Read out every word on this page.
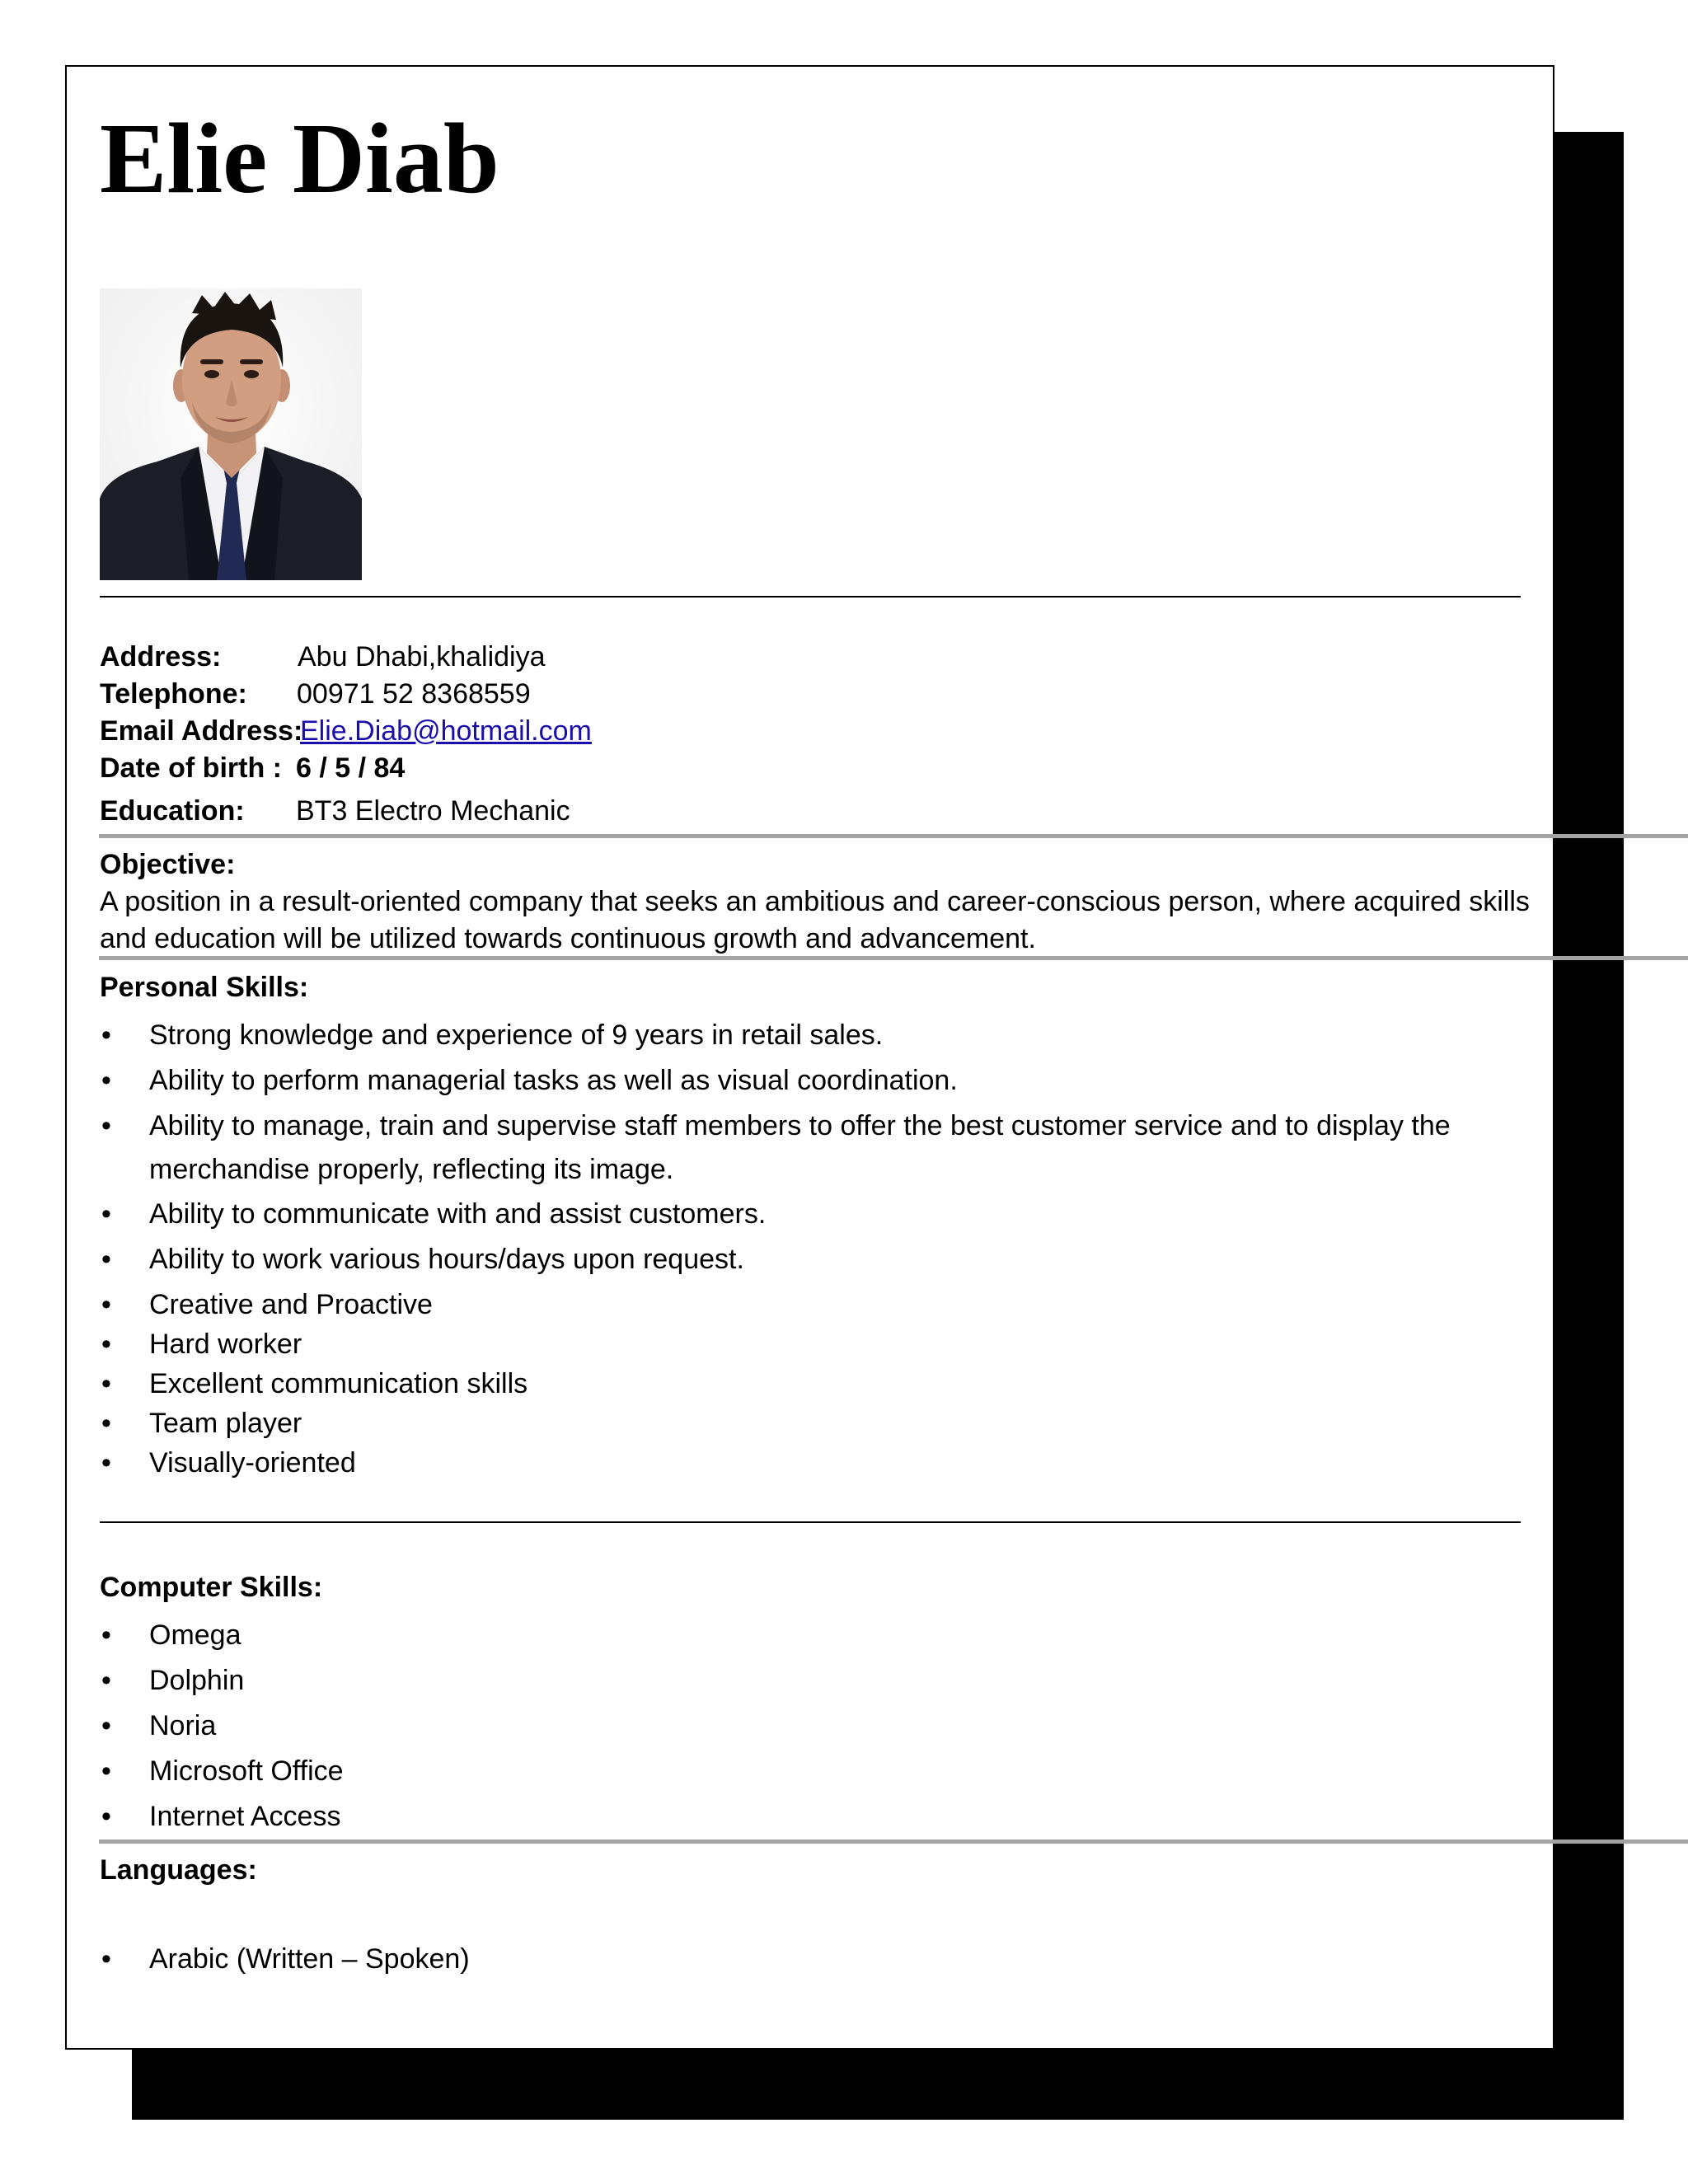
Elie Diab
Address:	Abu Dhabi,khalidiya
Telephone: 00971 52 8368559
Email Address:
Elie.Diab@hotmail.com
Date of birth : 6 / 5 / 84
Education: BT3 Electro Mechanic
Objective:
A position in a result-oriented company that seeks an ambitious and career-conscious person, where acquired skills and education will be utilized towards continuous growth and advancement.
Personal Skills:
• Strong knowledge and experience of 9 years in retail sales.
• Ability to perform managerial tasks as well as visual coordination.
• Ability to manage, train and supervise staff members to offer the best customer service and to display the merchandise properly, reflecting its image.
• Ability to communicate with and assist customers.
• Ability to work various hours/days upon request.
• Creative and Proactive
• Hard worker
• Excellent communication skills
• Team player
• Visually-oriented
Computer Skills:
• Omega
• Dolphin
• Noria
• Microsoft Office
• Internet Access
Languages:
• Arabic (Written – Spoken)
